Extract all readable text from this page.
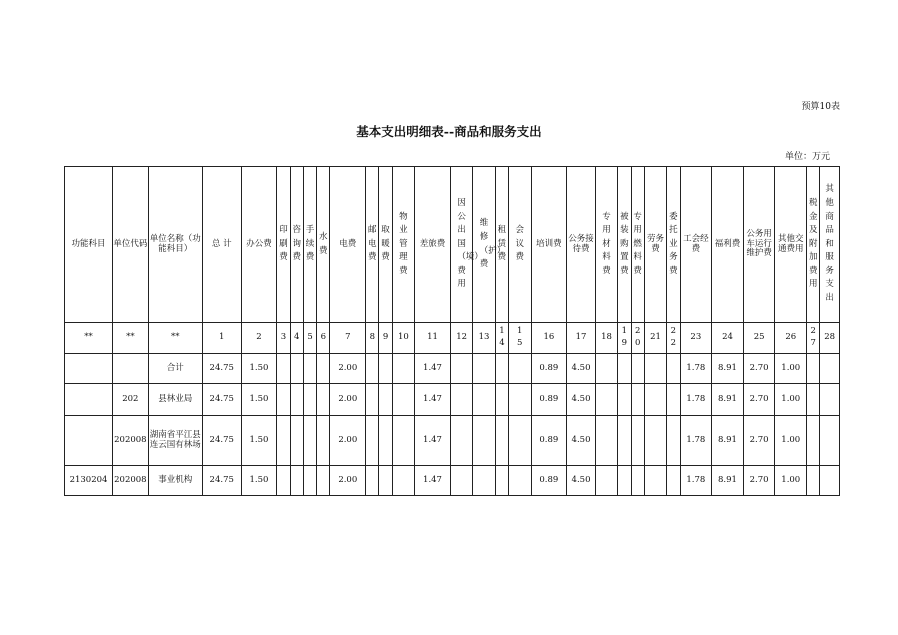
预算10表
基本支出明细表--商品和服务支出
单位：万元
功能科目	单位代码	单位名称（功能科目）	总 计	办公费	印刷费	咨询费	手续费	水费	电费	邮电费	取暖费	物业管理费	差旅费	因公出国（境）费用	维修（护）费	租赁费	会议费	培训费	公务接待费	专用材料费	被装购置费	专用燃料费	劳务费	委托业务费	工会经费	福利费	公务用车运行维护费	其他交通费用	税金及附加费用	其他商品和服务支出
**	**	**	1	2	3	4	5	6	7	8	9	10	11	12	13	14	15	16	17	18	19	20	21	22	23	24	25	26	27	28
		合计	24.75	1.50					2.00				1.47					0.89	4.50						1.78	8.91	2.70	1.00		
	202	县林业局	24.75	1.50					2.00				1.47					0.89	4.50						1.78	8.91	2.70	1.00		
	202008	湖南省平江县连云国有林场	24.75	1.50					2.00				1.47					0.89	4.50						1.78	8.91	2.70	1.00		
2130204	202008	事业机构	24.75	1.50					2.00				1.47					0.89	4.50						1.78	8.91	2.70	1.00		
